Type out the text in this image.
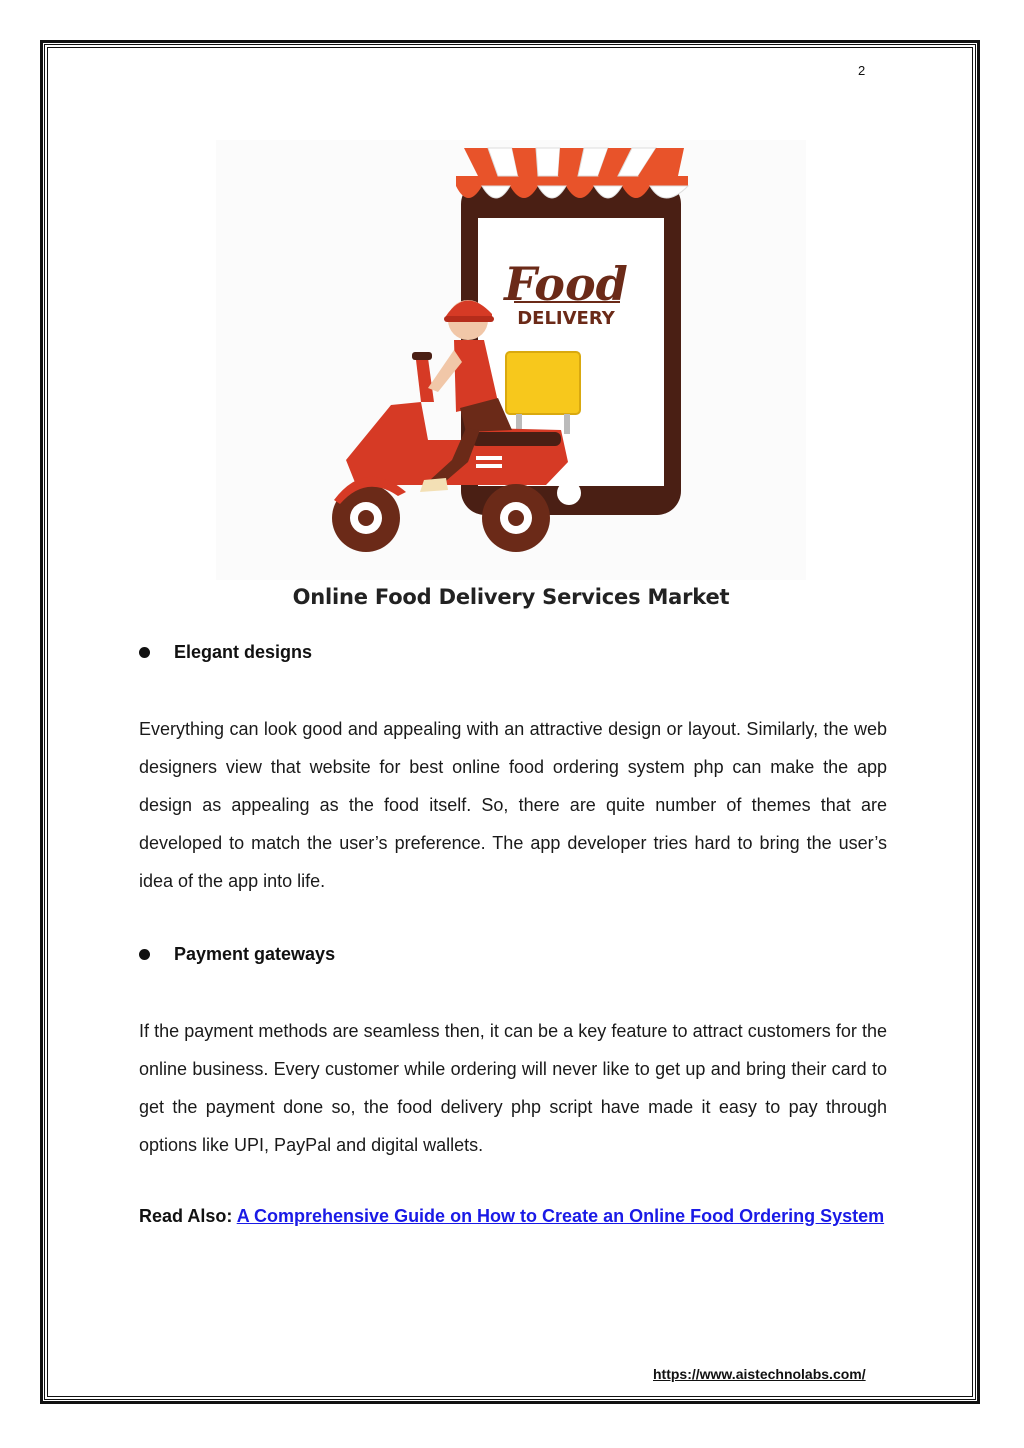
2
Food
DELIVERY
Online Food Delivery Services Market
Elegant designs
Everything can look good and appealing with an attractive design or layout. Similarly, the web designers view that website for best online food ordering system php can make the app design as appealing as the food itself. So, there are quite number of themes that are developed to match the user’s preference. The app developer tries hard to bring the user’s idea of the app into life.
Payment gateways
If the payment methods are seamless then, it can be a key feature to attract customers for the online business. Every customer while ordering will never like to get up and bring their card to get the payment done so, the food delivery php script have made it easy to pay through options like UPI, PayPal and digital wallets.
Read Also: A Comprehensive Guide on How to Create an Online Food Ordering System
https://www.aistechnolabs.com/
